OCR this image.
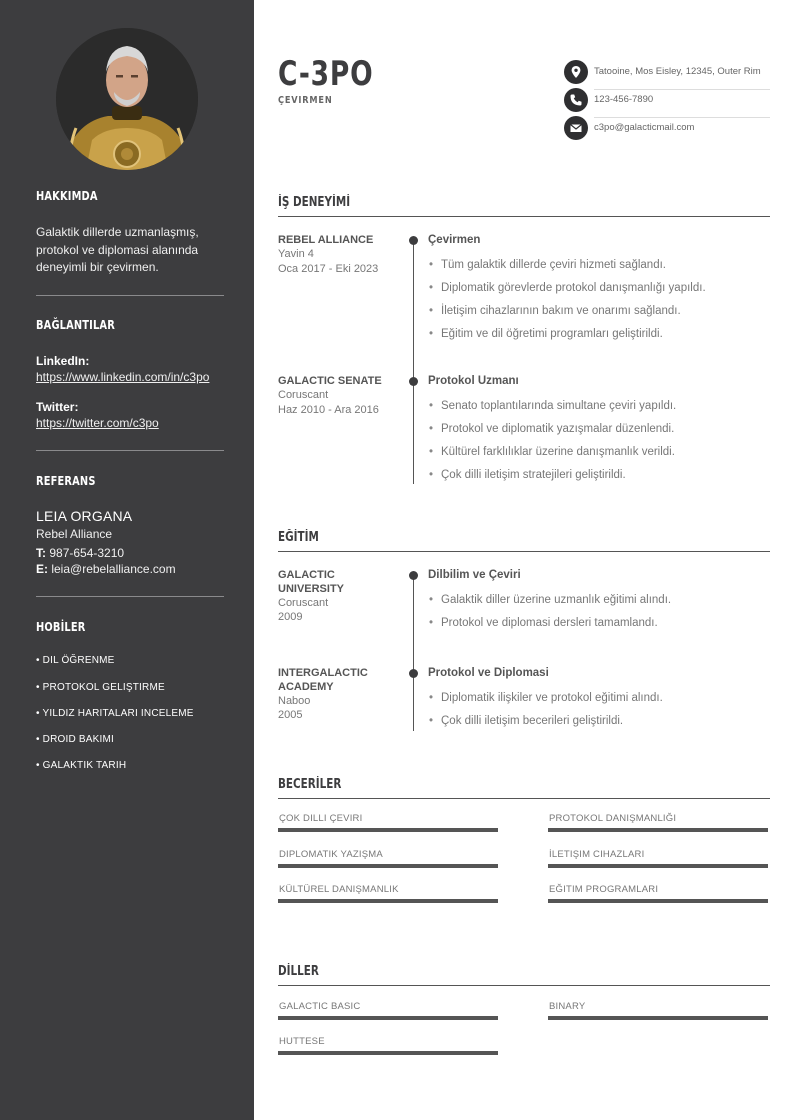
HAKKIMDA
Galaktik dillerde uzmanlaşmış, protokol ve diplomasi alanında deneyimli bir çevirmen.
BAĞLANTILAR
LinkedIn:
https://www.linkedin.com/in/c3po
Twitter:
https://twitter.com/c3po
REFERANS
LEIA ORGANA
Rebel Alliance
T: 987-654-3210
E: leia@rebelalliance.com
HOBİLER
• DIL ÖĞRENME
• PROTOKOL GELIŞTIRME
• YILDIZ HARITALARI INCELEME
• DROID BAKIMI
• GALAKTIK TARIH
C-3PO
ÇEVIRMEN
Tatooine, Mos Eisley, 12345, Outer Rim
123-456-7890
c3po@galacticmail.com
İŞ DENEYİMİ
REBEL ALLIANCE
Yavin 4
Oca 2017 - Eki 2023
Çevirmen
• Tüm galaktik dillerde çeviri hizmeti sağlandı.
• Diplomatik görevlerde protokol danışmanlığı yapıldı.
• İletişim cihazlarının bakım ve onarımı sağlandı.
• Eğitim ve dil öğretimi programları geliştirildi.
GALACTIC SENATE
Coruscant
Haz 2010 - Ara 2016
Protokol Uzmanı
• Senato toplantılarında simultane çeviri yapıldı.
• Protokol ve diplomatik yazışmalar düzenlendi.
• Kültürel farklılıklar üzerine danışmanlık verildi.
• Çok dilli iletişim stratejileri geliştirildi.
EĞİTİM
GALACTIC UNIVERSITY
Coruscant
2009
Dilbilim ve Çeviri
• Galaktik diller üzerine uzmanlık eğitimi alındı.
• Protokol ve diplomasi dersleri tamamlandı.
INTERGALACTIC ACADEMY
Naboo
2005
Protokol ve Diplomasi
• Diplomatik ilişkiler ve protokol eğitimi alındı.
• Çok dilli iletişim becerileri geliştirildi.
BECERİLER
ÇOK DILLI ÇEVIRI	PROTOKOL DANIŞMANLIĞI
DIPLOMATIK YAZIŞMA	İLETIŞIM CIHAZLARI
KÜLTÜREL DANIŞMANLIK	EĞITIM PROGRAMLARI
DİLLER
GALACTIC BASIC	BINARY
HUTTESE
